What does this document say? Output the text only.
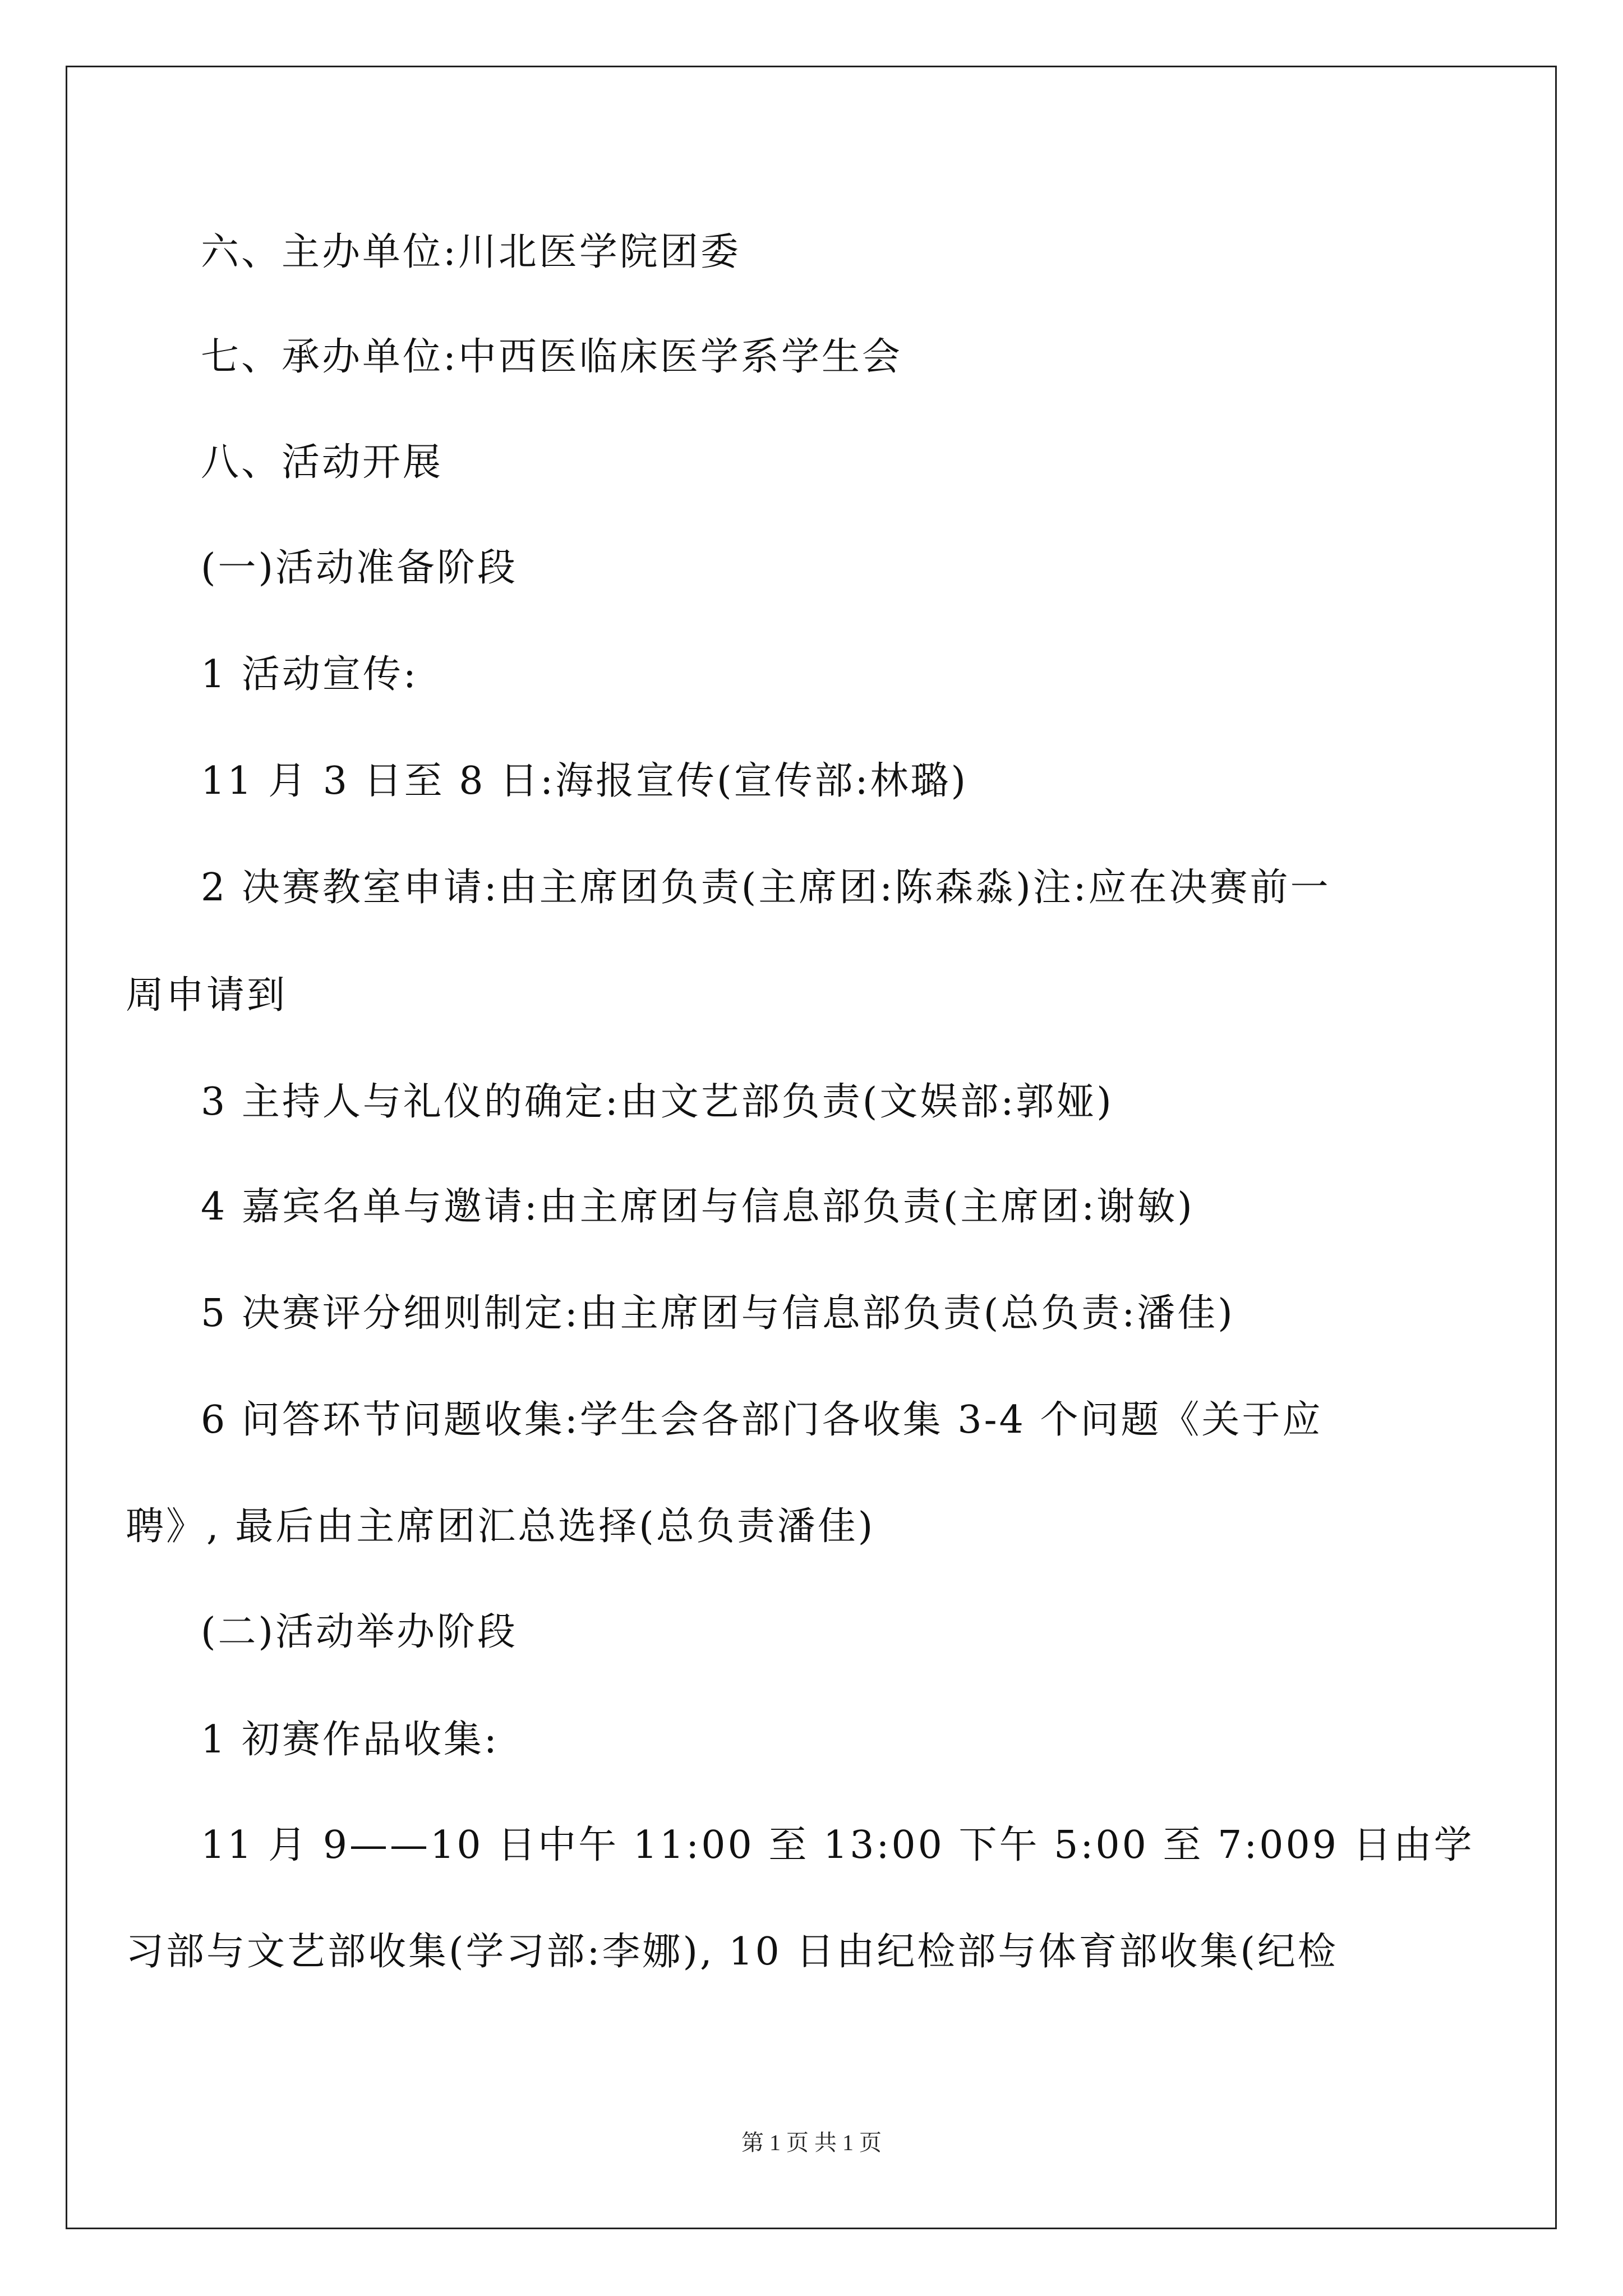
六、主办单位:川北医学院团委
七、承办单位:中西医临床医学系学生会
八、活动开展
(一)活动准备阶段
1 活动宣传:
11 月 3 日至 8 日:海报宣传(宣传部:林璐)
2 决赛教室申请:由主席团负责(主席团:陈森淼)注:应在决赛前一
周申请到
3 主持人与礼仪的确定:由文艺部负责(文娱部:郭娅)
4 嘉宾名单与邀请:由主席团与信息部负责(主席团:谢敏)
5 决赛评分细则制定:由主席团与信息部负责(总负责:潘佳)
6 问答环节问题收集:学生会各部门各收集 3-4 个问题《关于应
聘》, 最后由主席团汇总选择(总负责潘佳)
(二)活动举办阶段
1 初赛作品收集:
11 月 9——10 日中午 11:00 至 13:00 下午 5:00 至 7:009 日由学
习部与文艺部收集(学习部:李娜), 10 日由纪检部与体育部收集(纪检
第 1 页 共 1 页
